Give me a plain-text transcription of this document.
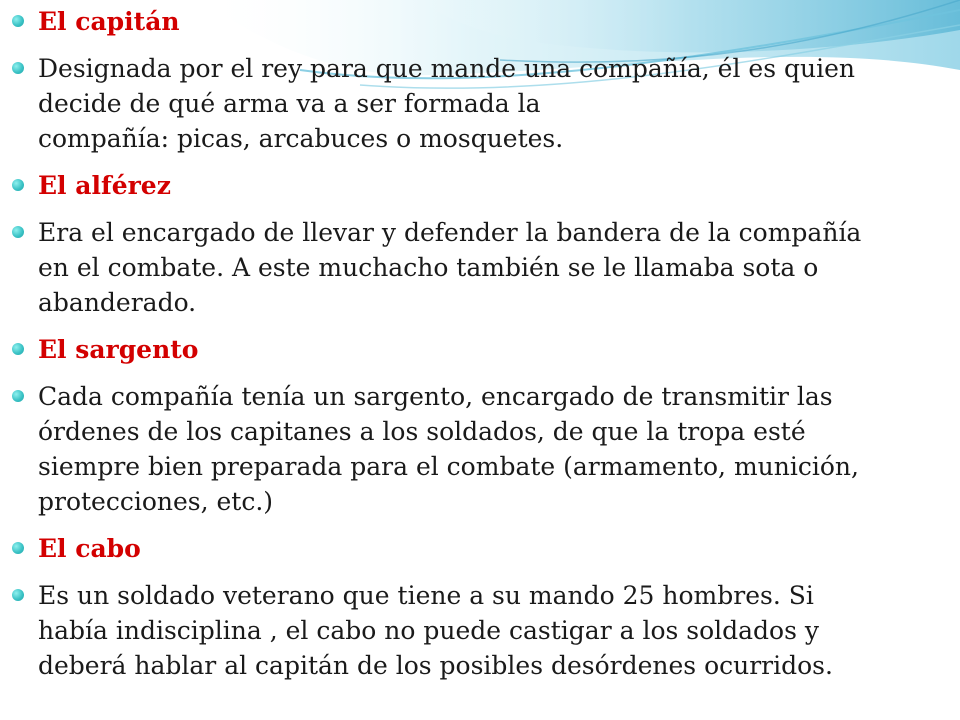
El capitán
Designada por el rey para que mande una compañía, él es quien
decide de qué arma va a ser formada la
compañía: picas, arcabuces o mosquetes.
El alférez
Era el encargado de llevar y defender la bandera de la compañía
en el combate. A este muchacho también se le llamaba sota o
abanderado.
El sargento
Cada compañía tenía un sargento, encargado de transmitir las
órdenes de los capitanes a los soldados, de que la tropa esté
siempre bien preparada para el combate (armamento, munición,
protecciones, etc.)
El cabo
Es un soldado veterano que tiene a su mando 25 hombres. Si
había indisciplina , el cabo no puede castigar a los soldados y
deberá hablar al capitán de los posibles desórdenes ocurridos.
